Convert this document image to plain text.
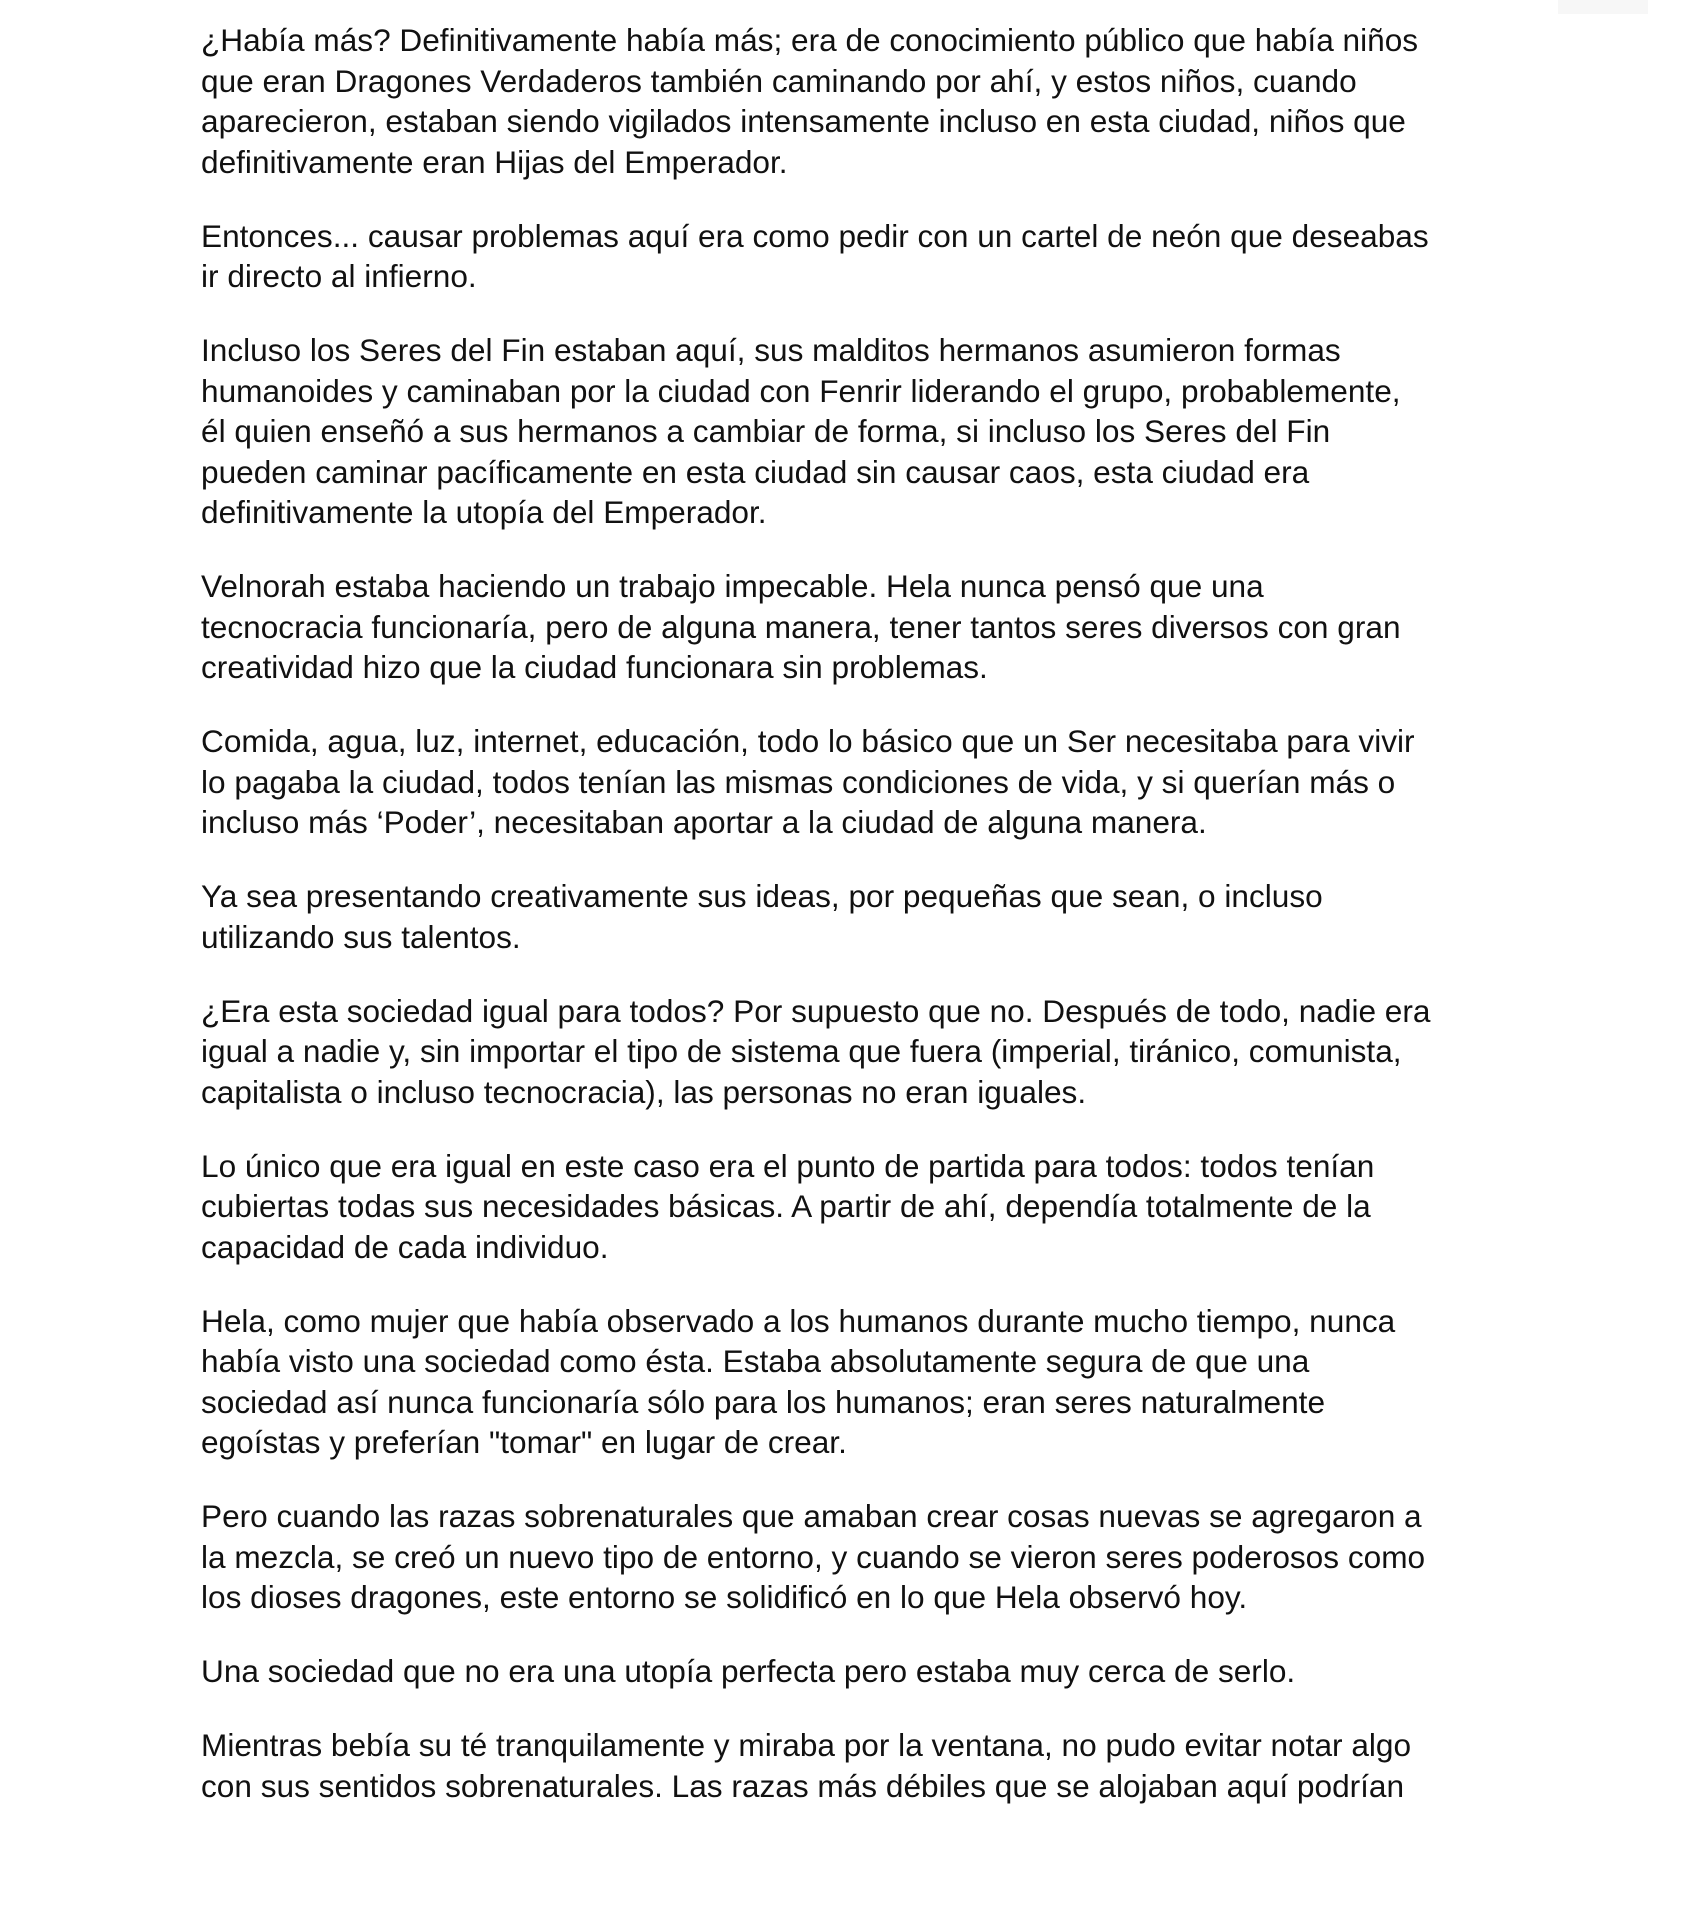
¿Había más? Definitivamente había más; era de conocimiento público que había niños
que eran Dragones Verdaderos también caminando por ahí, y estos niños, cuando
aparecieron, estaban siendo vigilados intensamente incluso en esta ciudad, niños que
definitivamente eran Hijas del Emperador.

Entonces... causar problemas aquí era como pedir con un cartel de neón que deseabas
ir directo al infierno.

Incluso los Seres del Fin estaban aquí, sus malditos hermanos asumieron formas
humanoides y caminaban por la ciudad con Fenrir liderando el grupo, probablemente,
él quien enseñó a sus hermanos a cambiar de forma, si incluso los Seres del Fin
pueden caminar pacíficamente en esta ciudad sin causar caos, esta ciudad era
definitivamente la utopía del Emperador.

Velnorah estaba haciendo un trabajo impecable. Hela nunca pensó que una
tecnocracia funcionaría, pero de alguna manera, tener tantos seres diversos con gran
creatividad hizo que la ciudad funcionara sin problemas.

Comida, agua, luz, internet, educación, todo lo básico que un Ser necesitaba para vivir
lo pagaba la ciudad, todos tenían las mismas condiciones de vida, y si querían más o
incluso más ‘Poder’, necesitaban aportar a la ciudad de alguna manera.

Ya sea presentando creativamente sus ideas, por pequeñas que sean, o incluso
utilizando sus talentos.

¿Era esta sociedad igual para todos? Por supuesto que no. Después de todo, nadie era
igual a nadie y, sin importar el tipo de sistema que fuera (imperial, tiránico, comunista,
capitalista o incluso tecnocracia), las personas no eran iguales.

Lo único que era igual en este caso era el punto de partida para todos: todos tenían
cubiertas todas sus necesidades básicas. A partir de ahí, dependía totalmente de la
capacidad de cada individuo.

Hela, como mujer que había observado a los humanos durante mucho tiempo, nunca
había visto una sociedad como ésta. Estaba absolutamente segura de que una
sociedad así nunca funcionaría sólo para los humanos; eran seres naturalmente
egoístas y preferían "tomar" en lugar de crear.

Pero cuando las razas sobrenaturales que amaban crear cosas nuevas se agregaron a
la mezcla, se creó un nuevo tipo de entorno, y cuando se vieron seres poderosos como
los dioses dragones, este entorno se solidificó en lo que Hela observó hoy.

Una sociedad que no era una utopía perfecta pero estaba muy cerca de serlo.

Mientras bebía su té tranquilamente y miraba por la ventana, no pudo evitar notar algo
con sus sentidos sobrenaturales. Las razas más débiles que se alojaban aquí podrían
